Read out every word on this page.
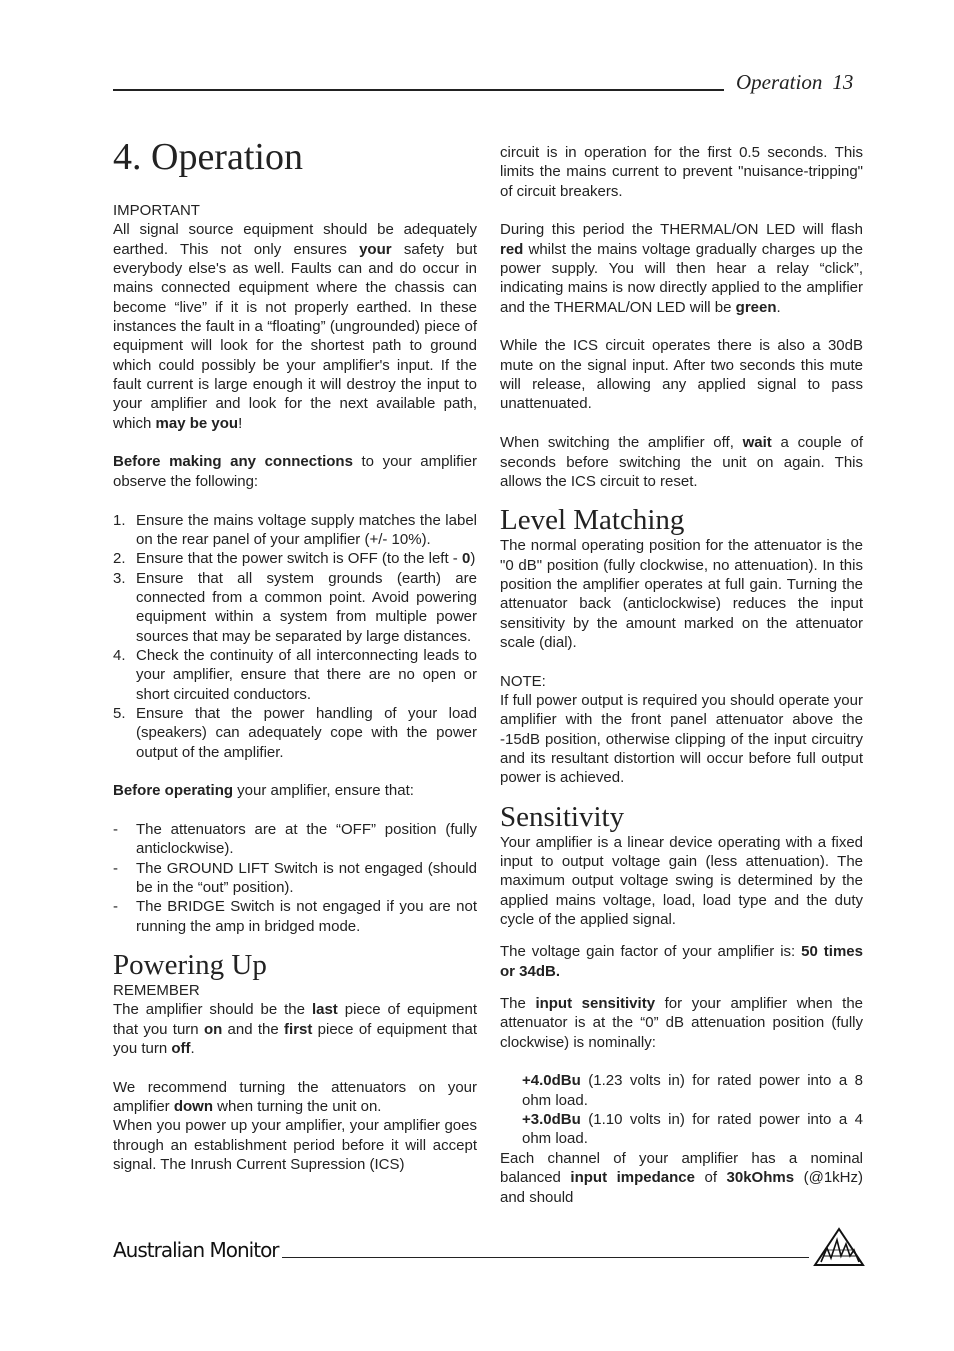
Operation 13
4. Operation

IMPORTANT

All signal source equipment should be adequately earthed. This not only ensures your safety but everybody else's as well. Faults can and do occur in mains connected equipment where the chassis can become “live” if it is not properly earthed. In these instances the fault in a “floating” (ungrounded) piece of equipment will look for the shortest path to ground which could possibly be your amplifier's input. If the fault current is large enough it will destroy the input to your amplifier and look for the next available path, which may be you!

Before making any connections to your amplifier observe the following:

1. Ensure the mains voltage supply matches the label on the rear panel of your amplifier (+/- 10%).
2. Ensure that the power switch is OFF (to the left - 0)
3. Ensure that all system grounds (earth) are connected from a common point. Avoid powering equipment within a system from multiple power sources that may be separated by large distances.
4. Check the continuity of all interconnecting leads to your amplifier, ensure that there are no open or short circuited conductors.
5. Ensure that the power handling of your load (speakers) can adequately cope with the power output of the amplifier.

Before operating your amplifier, ensure that:

- The attenuators are at the “OFF” position (fully anticlockwise).
- The GROUND LIFT Switch is not engaged (should be in the “out” position).
- The BRIDGE Switch is not engaged if you are not running the amp in bridged mode.
Powering Up

REMEMBER

The amplifier should be the last piece of equipment that you turn on and the first piece of equipment that you turn off.

We recommend turning the attenuators on your amplifier down when turning the unit on.

When you power up your amplifier, your amplifier goes through an establishment period before it will accept signal. The Inrush Current Supression (ICS)

circuit is in operation for the first 0.5 seconds. This limits the mains current to prevent "nuisance-tripping" of circuit breakers.

During this period the THERMAL/ON LED will flash red whilst the mains voltage gradually charges up the power supply. You will then hear a relay “click”, indicating mains is now directly applied to the amplifier and the THERMAL/ON LED will be green.

While the ICS circuit operates there is also a 30dB mute on the signal input. After two seconds this mute will release, allowing any applied signal to pass unattenuated.

When switching the amplifier off, wait a couple of seconds before switching the unit on again. This allows the ICS circuit to reset.

Level Matching

The normal operating position for the attenuator is the "0 dB" position (fully clockwise, no attenuation). In this position the amplifier operates at full gain. Turning the attenuator back (anticlockwise) reduces the input sensitivity by the amount marked on the attenuator scale (dial).

NOTE:

If full power output is required you should operate your amplifier with the front panel attenuator above the -15dB position, otherwise clipping of the input circuitry and its resultant distortion will occur before full output power is achieved.

Sensitivity

Your amplifier is a linear device operating with a fixed input to output voltage gain (less attenuation). The maximum output voltage swing is determined by the applied mains voltage, load, load type and the duty cycle of the applied signal.

The voltage gain factor of your amplifier is: 50 times or 34dB.

The input sensitivity for your amplifier when the attenuator is at the “0” dB attenuation position (fully clockwise) is nominally:

+4.0dBu (1.23 volts in) for rated power into a 8 ohm load.

+3.0dBu (1.10 volts in) for rated power into a 4 ohm load.

Each channel of your amplifier has a nominal balanced input impedance of 30kOhms (@1kHz) and should

Australian Monitor
